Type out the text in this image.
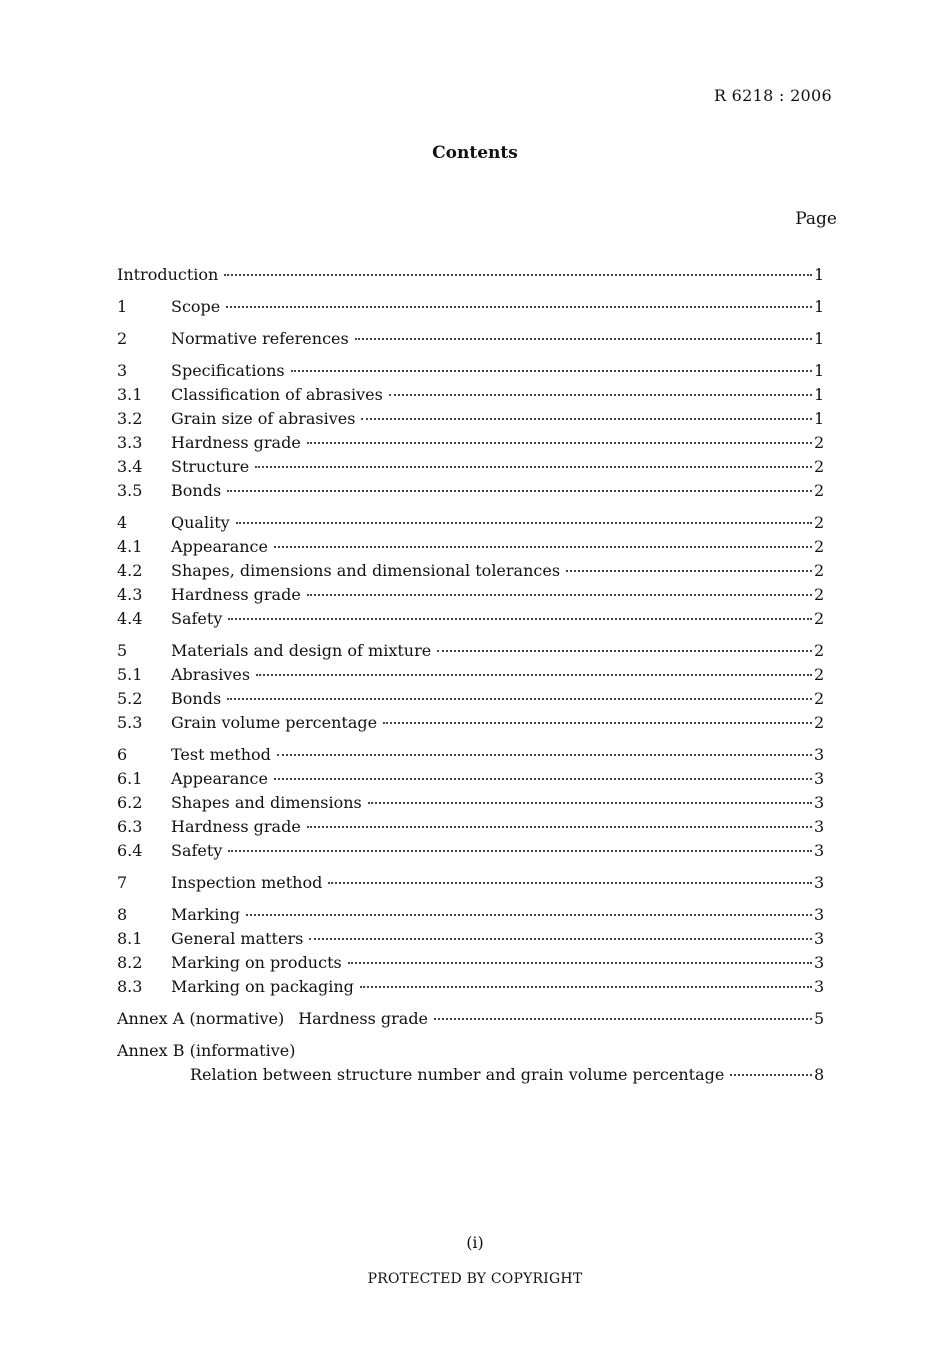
R 6218 : 2006
Contents
Page
Introduction	1
1	Scope	1
2	Normative references	1
3	Specifications	1
3.1	Classification of abrasives	1
3.2	Grain size of abrasives	1
3.3	Hardness grade	2
3.4	Structure	2
3.5	Bonds	2
4	Quality	2
4.1	Appearance	2
4.2	Shapes, dimensions and dimensional tolerances	2
4.3	Hardness grade	2
4.4	Safety	2
5	Materials and design of mixture	2
5.1	Abrasives	2
5.2	Bonds	2
5.3	Grain volume percentage	2
6	Test method	3
6.1	Appearance	3
6.2	Shapes and dimensions	3
6.3	Hardness grade	3
6.4	Safety	3
7	Inspection method	3
8	Marking	3
8.1	General matters	3
8.2	Marking on products	3
8.3	Marking on packaging	3
Annex A (normative) Hardness grade	5
Annex B (informative)
Relation between structure number and grain volume percentage	8
(i)
PROTECTED BY COPYRIGHT
